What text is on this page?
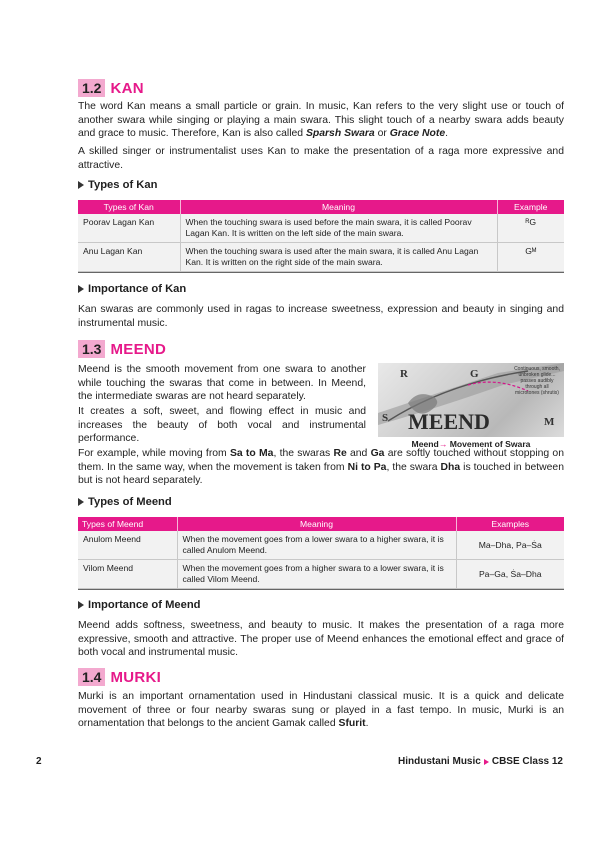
1.2 KAN

The word Kan means a small particle or grain. In music, Kan refers to the very slight use or touch of another swara while singing or playing a main swara. This slight touch of a nearby swara adds beauty and grace to music. Therefore, Kan is also called Sparsh Swara or Grace Note.

A skilled singer or instrumentalist uses Kan to make the presentation of a raga more expressive and attractive.

Types of Kan
Types of Kan	Meaning	Example
Poorav Lagan Kan	When the touching swara is used before the main swara, it is called Poorav Lagan Kan. It is written on the left side of the main swara.	ᴿG
Anu Lagan Kan	When the touching swara is used after the main swara, it is called Anu Lagan Kan. It is written on the right side of the main swara.	Gᴹ
Importance of Kan

Kan swaras are commonly used in ragas to increase sweetness, expression and beauty in singing and instrumental music.

1.3 MEEND

Meend is the smooth movement from one swara to another while touching the swaras that come in between. In Meend, the intermediate swaras are not heard separately.

It creates a soft, sweet, and flowing effect in music and increases the beauty of both vocal and instrumental performance.

MEEND
R	G
S	M
Continuous, smooth, unbroken glide... passes audibly through all microtones (shrutis)
Meend→ Movement of Swara

For example, while moving from Sa to Ma, the swaras Re and Ga are softly touched without stopping on them. In the same way, when the movement is taken from Ni to Pa, the swara Dha is touched in between but is not heard separately.

Types of Meend
Types of Meend	Meaning	Examples
Anulom Meend	When the movement goes from a lower swara to a higher swara, it is called Anulom Meend.	Ma–Dha, Pa–Ṡa
Vilom Meend	When the movement goes from a higher swara to a lower swara, it is called Vilom Meend.	Pa–Ga, Ṡa–Dha
Importance of Meend

Meend adds softness, sweetness, and beauty to music. It makes the presentation of a raga more expressive, smooth and attractive. The proper use of Meend enhances the emotional effect and grace of both vocal and instrumental music.

1.4 MURKI

Murki is an important ornamentation used in Hindustani classical music. It is a quick and delicate movement of three or four nearby swaras sung or played in a fast tempo. In music, Murki is an ornamentation that belongs to the ancient Gamak called Sfurit.

2	Hindustani Music CBSE Class 12
